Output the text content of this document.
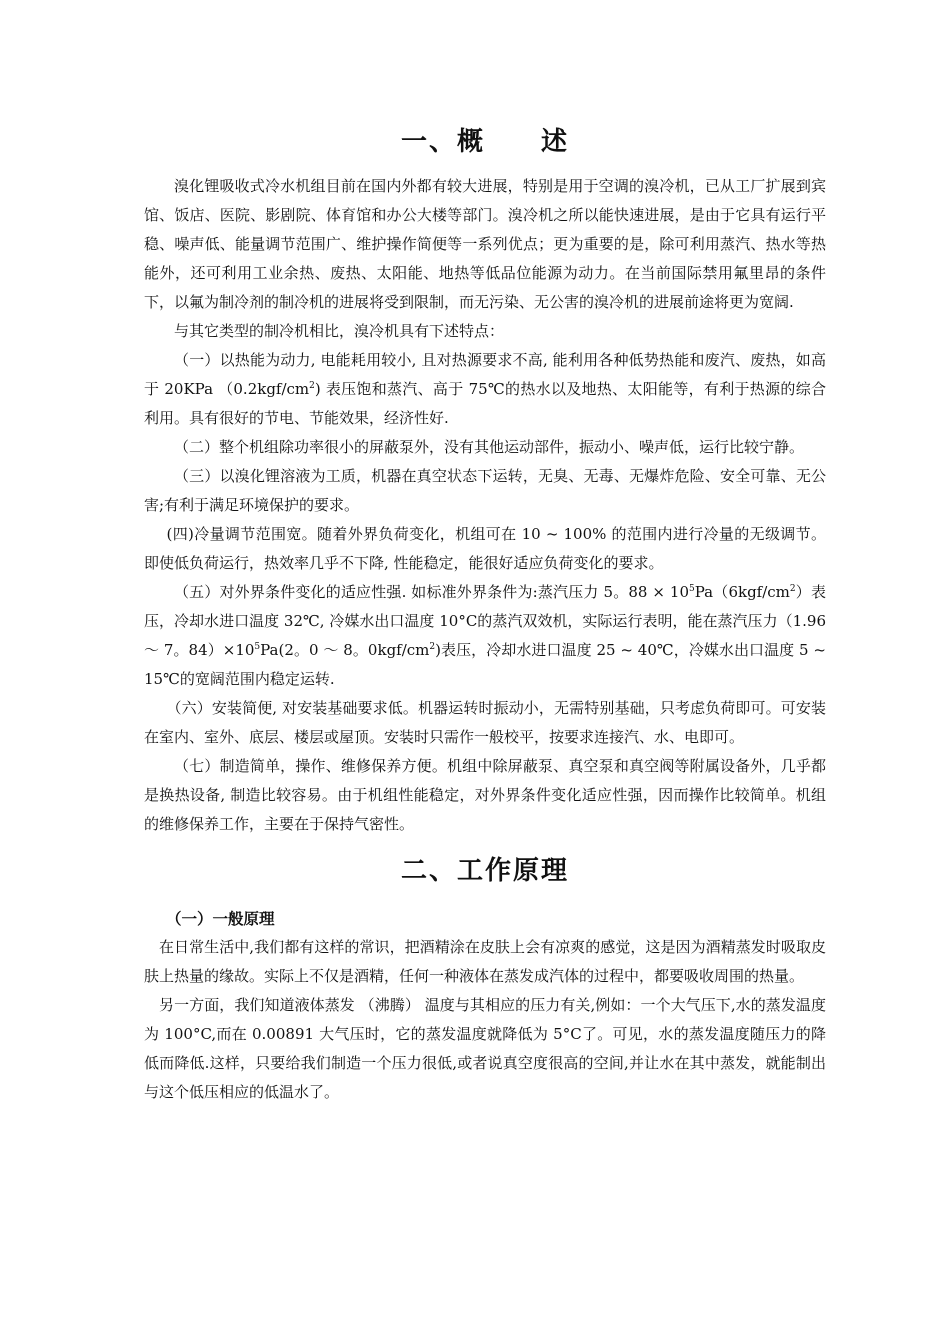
一、概　　述

溴化锂吸收式冷水机组目前在国内外都有较大进展，特别是用于空调的溴冷机，已从工厂扩展到宾馆、饭店、医院、影剧院、体育馆和办公大楼等部门。溴冷机之所以能快速进展，是由于它具有运行平稳、噪声低、能量调节范围广、维护操作简便等一系列优点；更为重要的是，除可利用蒸汽、热水等热能外，还可利用工业余热、废热、太阳能、地热等低品位能源为动力。在当前国际禁用氟里昂的条件下，以氟为制冷剂的制冷机的进展将受到限制，而无污染、无公害的溴冷机的进展前途将更为宽阔.

与其它类型的制冷机相比，溴冷机具有下述特点：

（一）以热能为动力, 电能耗用较小, 且对热源要求不高, 能利用各种低势热能和废汽、废热，如高于 20KPa $(0.2kgf/cm^2)$ 表压饱和蒸汽、高于 75℃的热水以及地热、太阳能等，有利于热源的综合利用。具有很好的节电、节能效果，经济性好.

（二）整个机组除功率很小的屏蔽泵外，没有其他运动部件，振动小、噪声低，运行比较宁静。

（三）以溴化锂溶液为工质，机器在真空状态下运转，无臭、无毒、无爆炸危险、安全可靠、无公害;有利于满足环境保护的要求。

(四)冷量调节范围宽。随着外界负荷变化，机组可在 10 ~ 100% 的范围内进行冷量的无级调节。即使低负荷运行，热效率几乎不下降, 性能稳定，能很好适应负荷变化的要求。

（五）对外界条件变化的适应性强. 如标准外界条件为:蒸汽压力 5。$88 \times 10^5Pa(6kgf/cm^2)$表压，冷却水进口温度 32℃, 冷媒水出口温度 10°C的蒸汽双效机，实际运行表明，能在蒸汽压力（1.96 ～ 7。$84)\times 10^5Pa(2$。0 ～ 8。$0kgf/cm^2$)表压，冷却水进口温度 25 ~ 40℃，冷媒水出口温度 5 ~ 15℃的宽阔范围内稳定运转.

（六）安装简便, 对安装基础要求低。机器运转时振动小，无需特别基础，只考虑负荷即可。可安装在室内、室外、底层、楼层或屋顶。安装时只需作一般校平，按要求连接汽、水、电即可。

（七）制造简单，操作、维修保养方便。机组中除屏蔽泵、真空泵和真空阀等附属设备外，几乎都是换热设备, 制造比较容易。由于机组性能稳定，对外界条件变化适应性强，因而操作比较简单。机组的维修保养工作，主要在于保持气密性。

二、工作原理
（一）一般原理

在日常生活中,我们都有这样的常识，把酒精涂在皮肤上会有凉爽的感觉，这是因为酒精蒸发时吸取皮肤上热量的缘故。实际上不仅是酒精，任何一种液体在蒸发成汽体的过程中，都要吸收周围的热量。

另一方面，我们知道液体蒸发 （沸腾） 温度与其相应的压力有关,例如：一个大气压下,水的蒸发温度为 100°C,而在 0.00891 大气压时，它的蒸发温度就降低为 5°C了。可见，水的蒸发温度随压力的降低而降低.这样，只要给我们制造一个压力很低,或者说真空度很高的空间,并让水在其中蒸发，就能制出与这个低压相应的低温水了。
